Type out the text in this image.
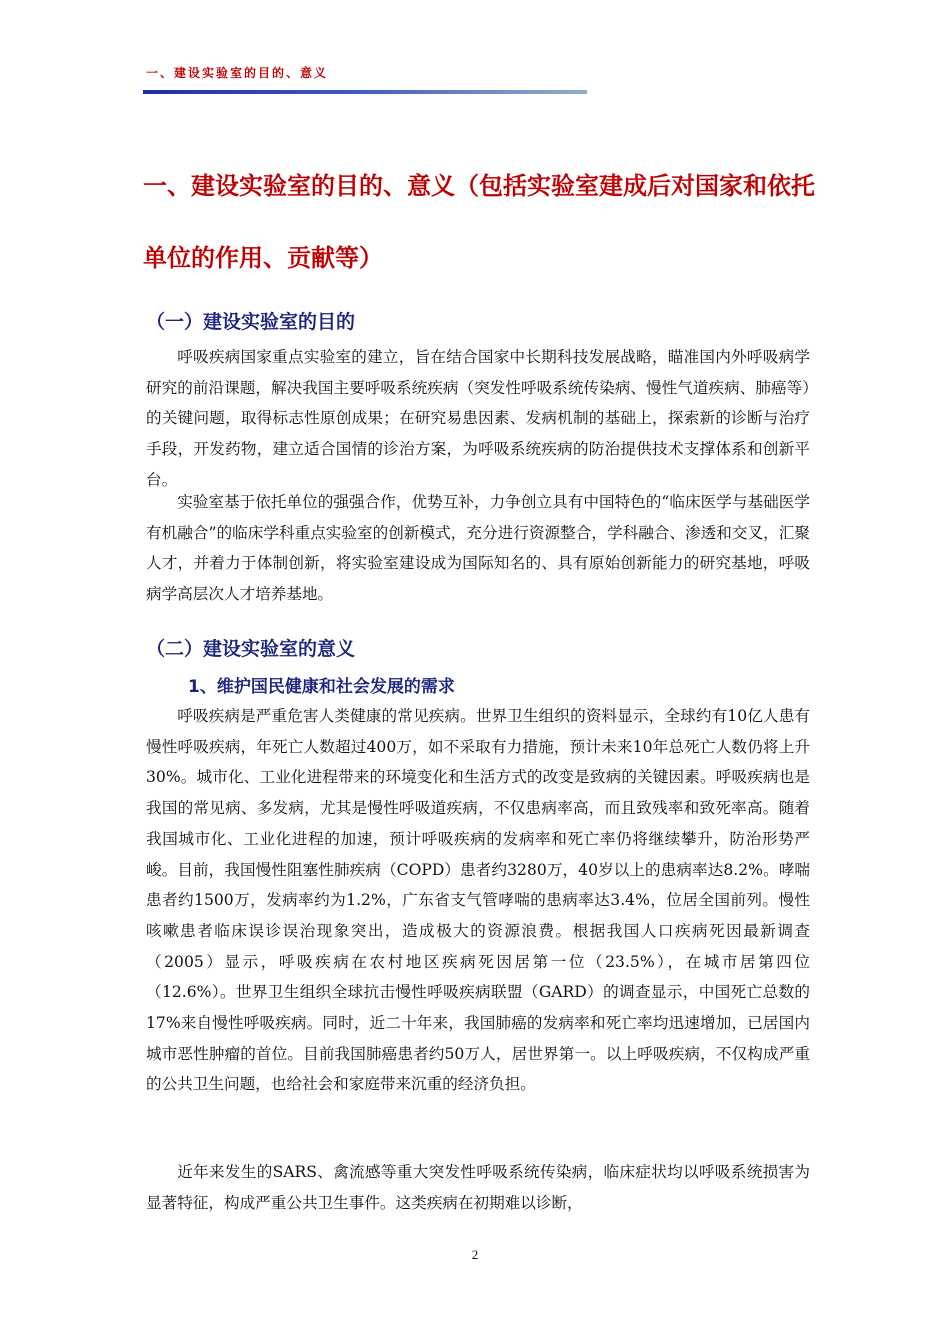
一、建设实验室的目的、意义
一、建设实验室的目的、意义（包括实验室建成后对国家和依托单位的作用、贡献等）
（一）建设实验室的目的

呼吸疾病国家重点实验室的建立，旨在结合国家中长期科技发展战略，瞄准国内外呼吸病学研究的前沿课题，解决我国主要呼吸系统疾病（突发性呼吸系统传染病、慢性气道疾病、肺癌等）的关键问题，取得标志性原创成果；在研究易患因素、发病机制的基础上，探索新的诊断与治疗手段，开发药物，建立适合国情的诊治方案，为呼吸系统疾病的防治提供技术支撑体系和创新平台。

实验室基于依托单位的强强合作，优势互补，力争创立具有中国特色的“临床医学与基础医学有机融合”的临床学科重点实验室的创新模式，充分进行资源整合，学科融合、渗透和交叉，汇聚人才，并着力于体制创新，将实验室建设成为国际知名的、具有原始创新能力的研究基地，呼吸病学高层次人才培养基地。

（二）建设实验室的意义
1、维护国民健康和社会发展的需求

呼吸疾病是严重危害人类健康的常见疾病。世界卫生组织的资料显示，全球约有10亿人患有慢性呼吸疾病，年死亡人数超过400万，如不采取有力措施，预计未来10年总死亡人数仍将上升30%。城市化、工业化进程带来的环境变化和生活方式的改变是致病的关键因素。呼吸疾病也是我国的常见病、多发病，尤其是慢性呼吸道疾病，不仅患病率高，而且致残率和致死率高。随着我国城市化、工业化进程的加速，预计呼吸疾病的发病率和死亡率仍将继续攀升，防治形势严峻。目前，我国慢性阻塞性肺疾病（COPD）患者约3280万，40岁以上的患病率达8.2%。哮喘患者约1500万，发病率约为1.2%，广东省支气管哮喘的患病率达3.4%，位居全国前列。慢性咳嗽患者临床误诊误治现象突出，造成极大的资源浪费。根据我国人口疾病死因最新调查（2005）显示，呼吸疾病在农村地区疾病死因居第一位（23.5%），在城市居第四位（12.6%）。世界卫生组织全球抗击慢性呼吸疾病联盟（GARD）的调查显示，中国死亡总数的17%来自慢性呼吸疾病。同时，近二十年来，我国肺癌的发病率和死亡率均迅速增加，已居国内城市恶性肿瘤的首位。目前我国肺癌患者约50万人，居世界第一。以上呼吸疾病，不仅构成严重的公共卫生问题，也给社会和家庭带来沉重的经济负担。

近年来发生的SARS、禽流感等重大突发性呼吸系统传染病，临床症状均以呼吸系统损害为显著特征，构成严重公共卫生事件。这类疾病在初期难以诊断，

2
